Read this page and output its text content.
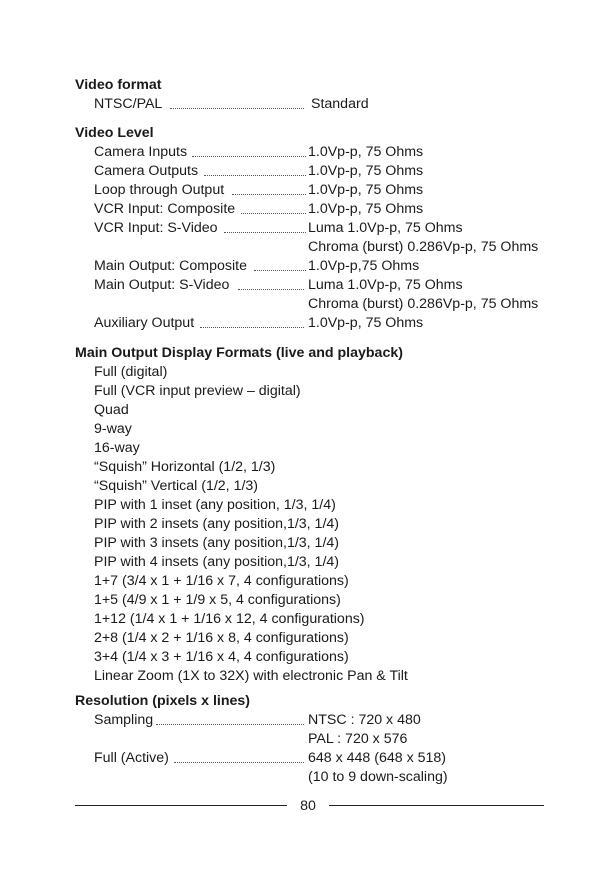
Video format
NTSC/PAL	Standard
Video Level
Camera Inputs	1.0Vp-p, 75 Ohms
Camera Outputs	1.0Vp-p, 75 Ohms
Loop through Output	1.0Vp-p, 75 Ohms
VCR Input: Composite	1.0Vp-p, 75 Ohms
VCR Input: S-Video	Luma 1.0Vp-p, 75 Ohms
Chroma (burst) 0.286Vp-p, 75 Ohms
Main Output: Composite	1.0Vp-p,75 Ohms
Main Output: S-Video	Luma 1.0Vp-p, 75 Ohms
Chroma (burst) 0.286Vp-p, 75 Ohms
Auxiliary Output	1.0Vp-p, 75 Ohms
Main Output Display Formats (live and playback)
Full (digital)
Full (VCR input preview – digital)
Quad
9-way
16-way
“Squish” Horizontal (1/2, 1/3)
“Squish” Vertical (1/2, 1/3)
PIP with 1 inset (any position, 1/3, 1/4)
PIP with 2 insets (any position,1/3, 1/4)
PIP with 3 insets (any position,1/3, 1/4)
PIP with 4 insets (any position,1/3, 1/4)
1+7 (3/4 x 1 + 1/16 x 7, 4 configurations)
1+5 (4/9 x 1 + 1/9 x 5, 4 configurations)
1+12 (1/4 x 1 + 1/16 x 12, 4 configurations)
2+8 (1/4 x 2 + 1/16 x 8, 4 configurations)
3+4 (1/4 x 3 + 1/16 x 4, 4 configurations)
Linear Zoom (1X to 32X) with electronic Pan & Tilt
Resolution (pixels x lines)
Sampling	NTSC : 720 x 480
PAL : 720 x 576
Full (Active)	648 x 448 (648 x 518)
(10 to 9 down-scaling)
80
